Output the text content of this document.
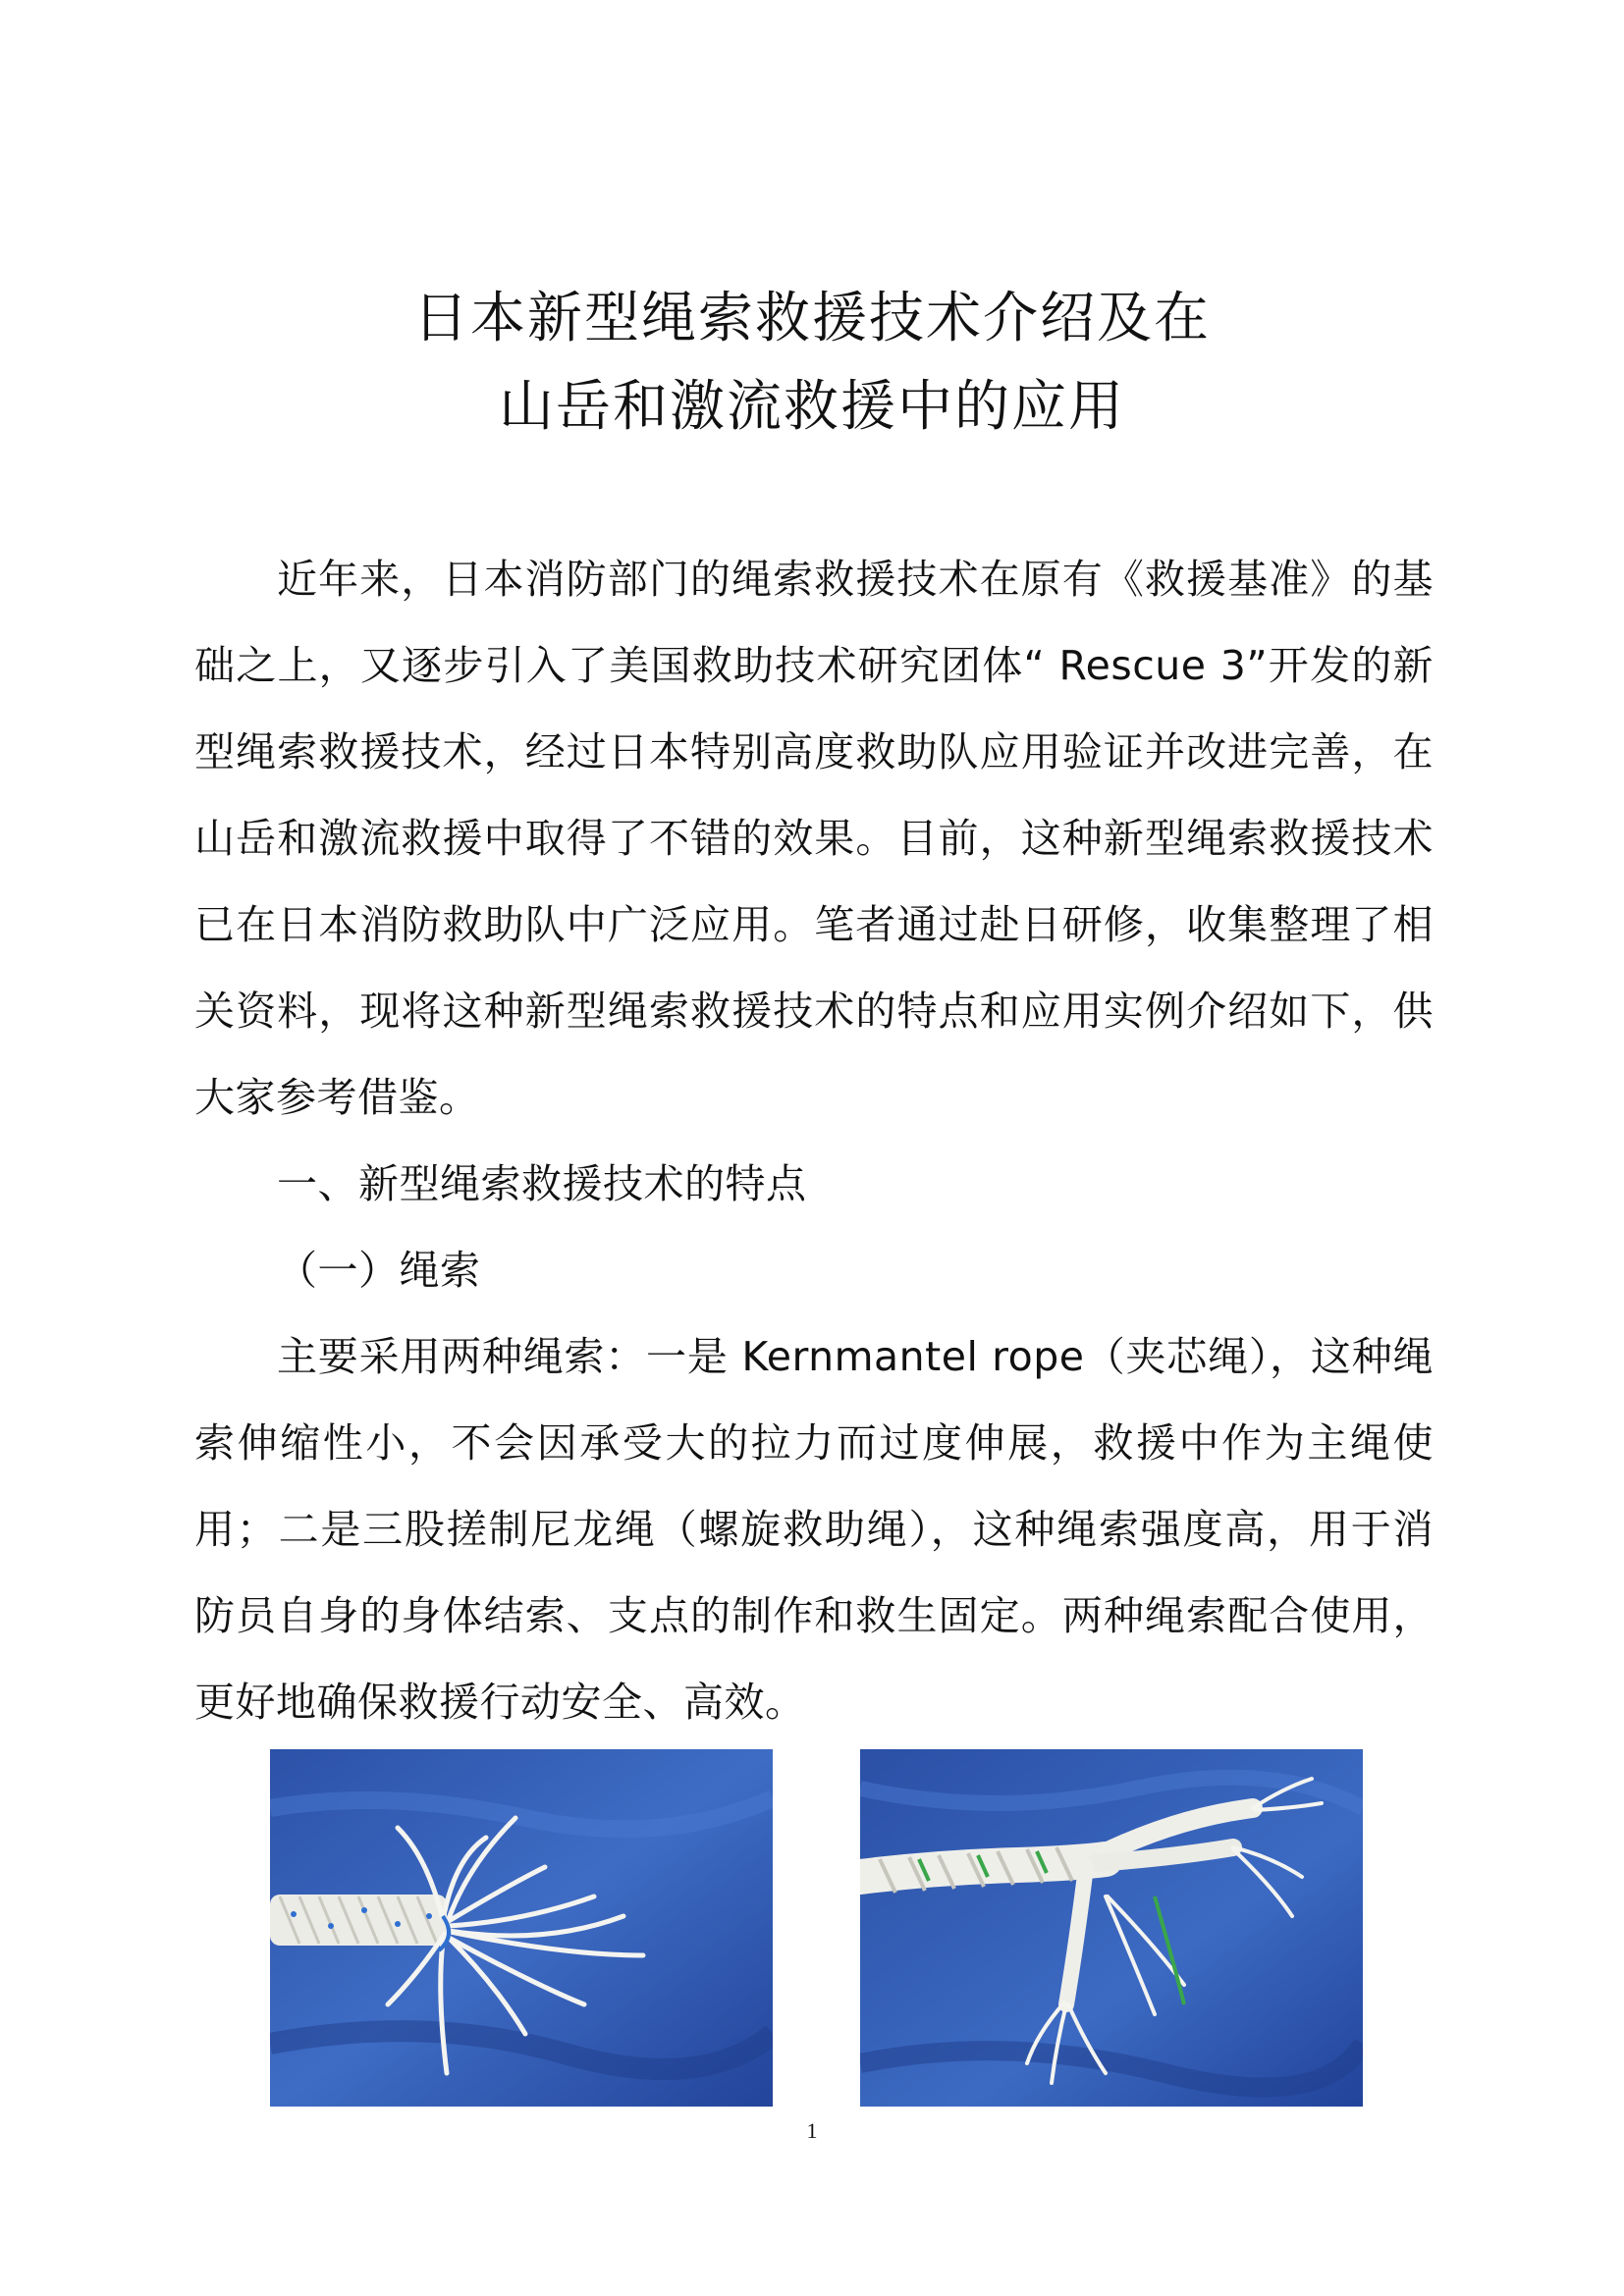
日本新型绳索救援技术介绍及在
山岳和激流救援中的应用

近年来，日本消防部门的绳索救援技术在原有《救援基准》的基础之上，又逐步引入了美国救助技术研究团体“ Rescue 3”开发的新型绳索救援技术，经过日本特别高度救助队应用验证并改进完善，在山岳和激流救援中取得了不错的效果。目前，这种新型绳索救援技术已在日本消防救助队中广泛应用。笔者通过赴日研修，收集整理了相关资料，现将这种新型绳索救援技术的特点和应用实例介绍如下，供大家参考借鉴。

一、新型绳索救援技术的特点

（一）绳索

主要采用两种绳索：一是 Kernmantel rope（夹芯绳），这种绳索伸缩性小，不会因承受大的拉力而过度伸展，救援中作为主绳使用；二是三股搓制尼龙绳（螺旋救助绳），这种绳索强度高，用于消防员自身的身体结索、支点的制作和救生固定。两种绳索配合使用，更好地确保救援行动安全、高效。

1
